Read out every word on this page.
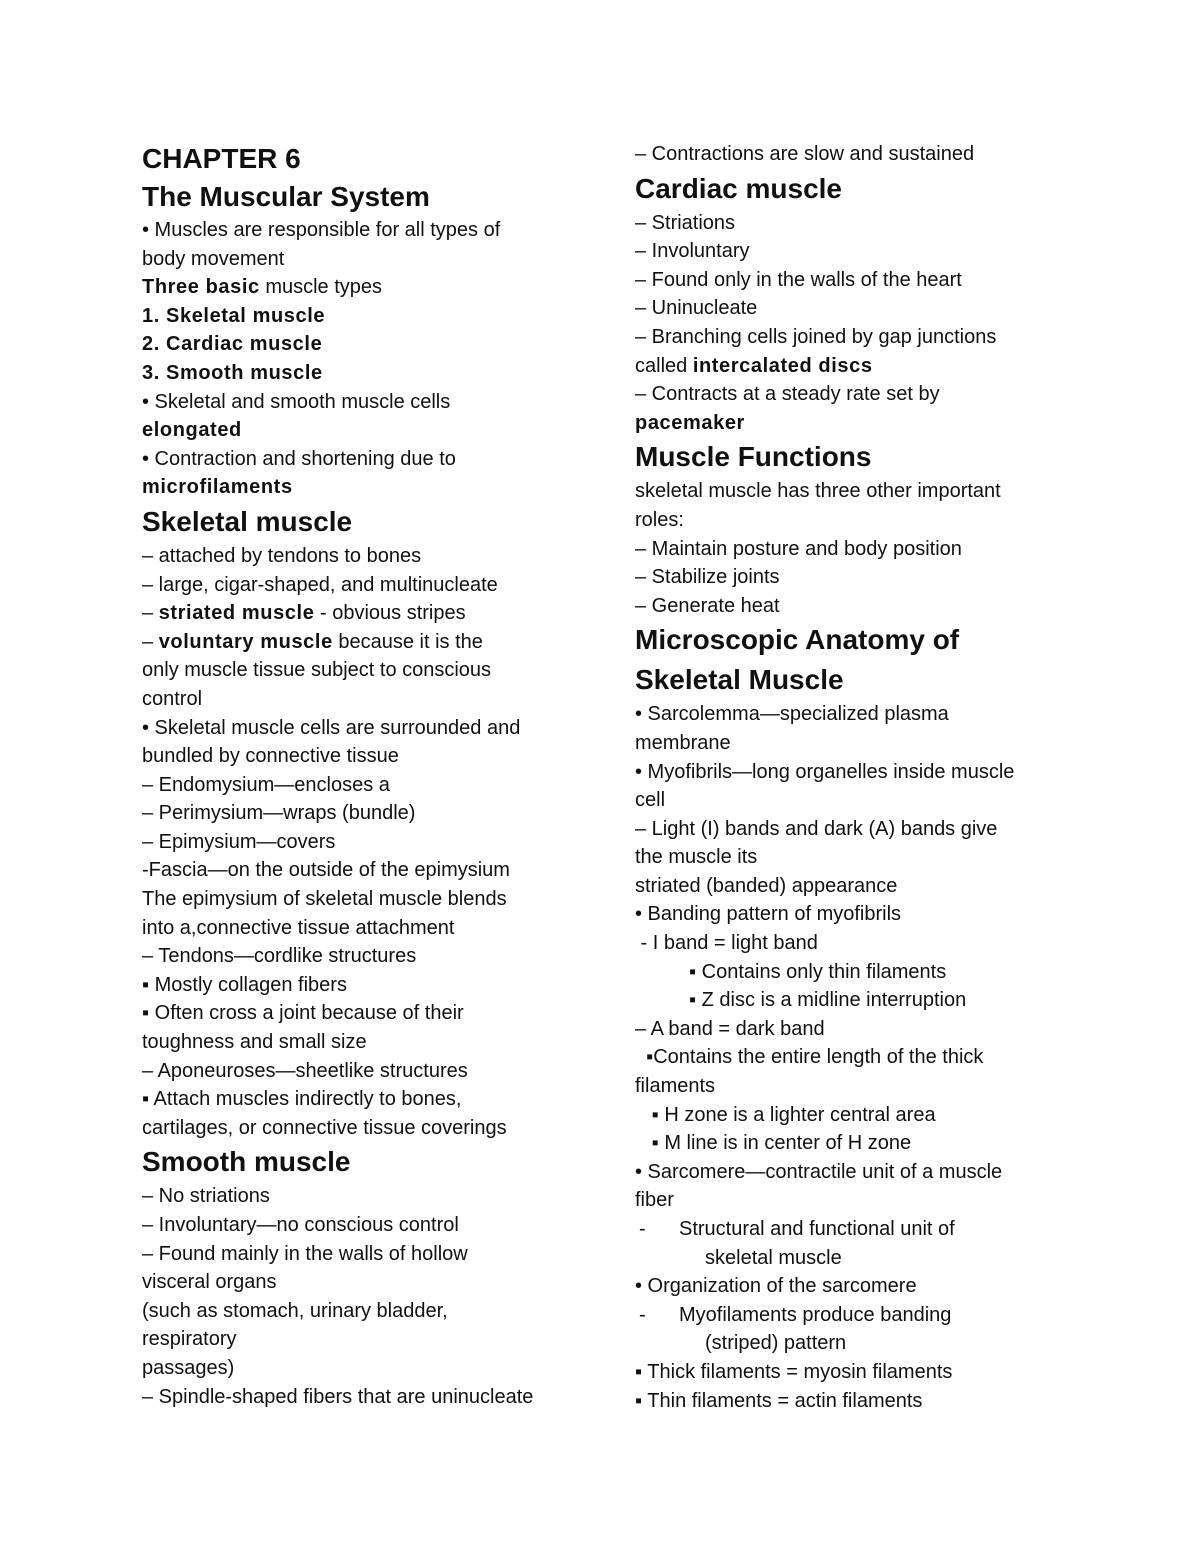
CHAPTER 6
The Muscular System
• Muscles are responsible for all types of
body movement
Three basic muscle types
1. Skeletal muscle
2. Cardiac muscle
3. Smooth muscle
• Skeletal and smooth muscle cells
elongated
• Contraction and shortening due to
microfilaments
Skeletal muscle
– attached by tendons to bones
– large, cigar-shaped, and multinucleate
– striated muscle - obvious stripes
– voluntary muscle because it is the
only muscle tissue subject to conscious
control
• Skeletal muscle cells are surrounded and
bundled by connective tissue
– Endomysium—encloses a
– Perimysium—wraps (bundle)
– Epimysium—covers
-Fascia—on the outside of the epimysium
The epimysium of skeletal muscle blends
into a,connective tissue attachment
– Tendons—cordlike structures
▪ Mostly collagen fibers
▪ Often cross a joint because of their
toughness and small size
– Aponeuroses—sheetlike structures
▪ Attach muscles indirectly to bones,
cartilages, or connective tissue coverings
Smooth muscle
– No striations
– Involuntary—no conscious control
– Found mainly in the walls of hollow
visceral organs
(such as stomach, urinary bladder,
respiratory
passages)
– Spindle-shaped fibers that are uninucleate
– Contractions are slow and sustained
Cardiac muscle
– Striations
– Involuntary
– Found only in the walls of the heart
– Uninucleate
– Branching cells joined by gap junctions
called intercalated discs
– Contracts at a steady rate set by
pacemaker
Muscle Functions
skeletal muscle has three other important
roles:
– Maintain posture and body position
– Stabilize joints
– Generate heat
Microscopic Anatomy of
Skeletal Muscle
• Sarcolemma—specialized plasma
membrane
• Myofibrils—long organelles inside muscle
cell
– Light (I) bands and dark (A) bands give
the muscle its
striated (banded) appearance
• Banding pattern of myofibrils
- I band = light band
▪ Contains only thin filaments
▪ Z disc is a midline interruption
– A band = dark band
▪Contains the entire length of the thick
filaments
▪ H zone is a lighter central area
▪ M line is in center of H zone
• Sarcomere—contractile unit of a muscle
fiber
- Structural and functional unit of
skeletal muscle
• Organization of the sarcomere
- Myofilaments produce banding
(striped) pattern
▪ Thick filaments = myosin filaments
▪ Thin filaments = actin filaments
